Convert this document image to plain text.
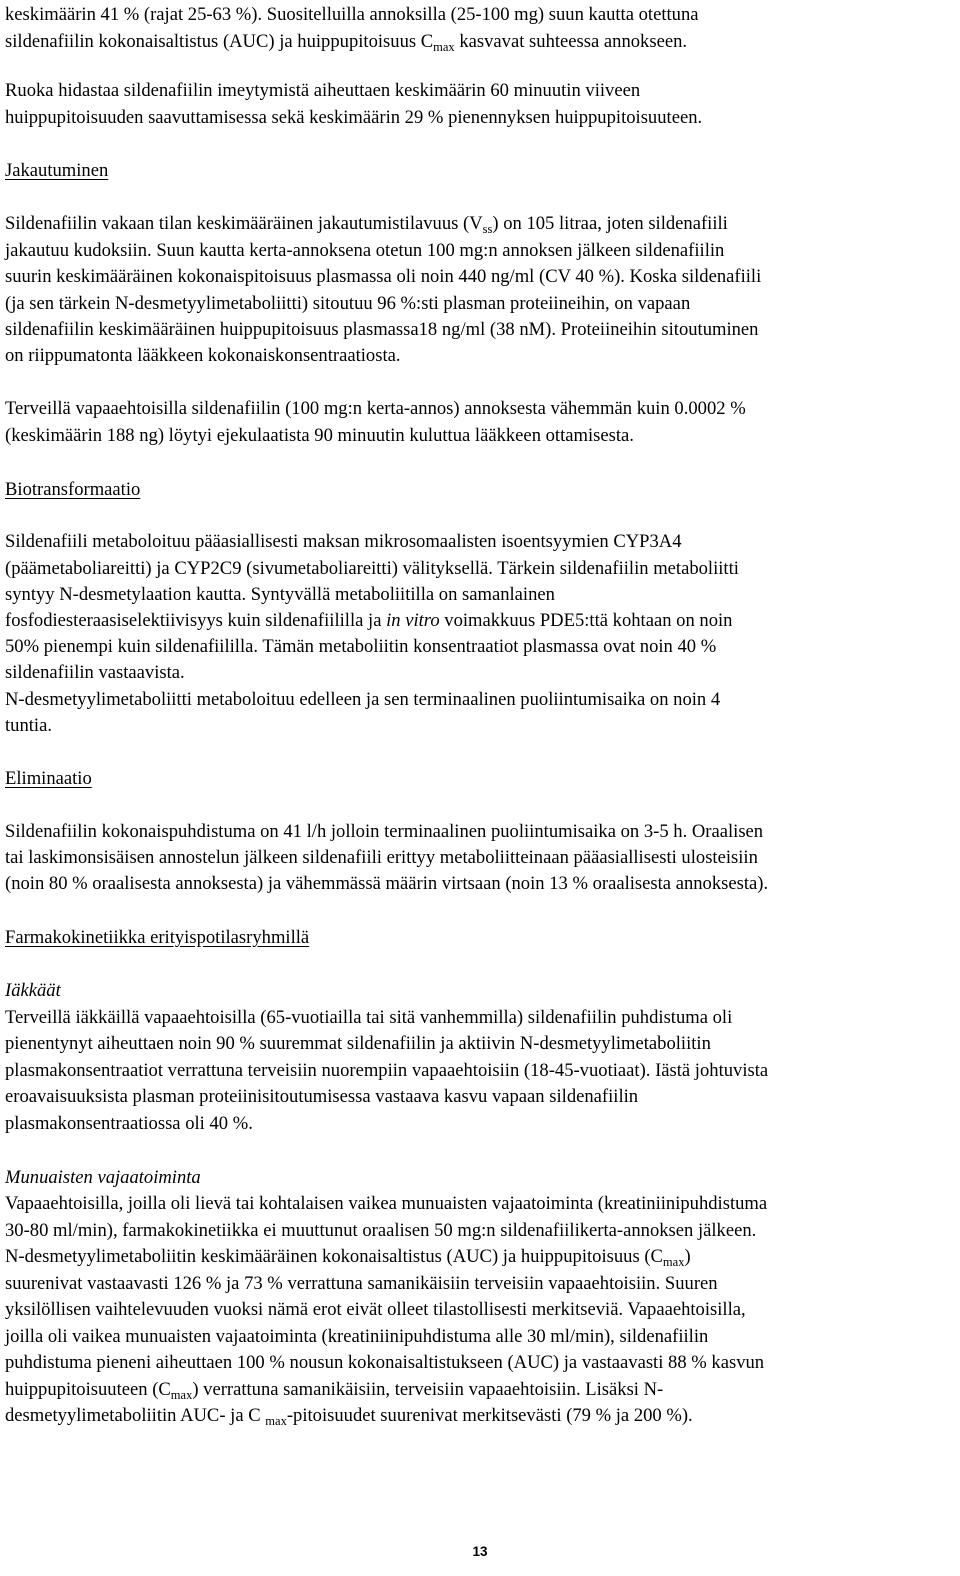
keskimäärin 41 % (rajat 25-63 %). Suositelluilla annoksilla (25-100 mg) suun kautta otettuna
sildenafiilin kokonaisaltistus (AUC) ja huippupitoisuus $C_{max}$ kasvavat suhteessa annokseen.
Ruoka hidastaa sildenafiilin imeytymistä aiheuttaen keskimäärin 60 minuutin viiveen
huippupitoisuuden saavuttamisessa sekä keskimäärin 29 % pienennyksen huippupitoisuuteen.
Jakautuminen
Sildenafiilin vakaan tilan keskimääräinen jakautumistilavuus $(V_{ss})$ on 105 litraa, joten sildenafiili
jakautuu kudoksiin. Suun kautta kerta-annoksena otetun 100 mg:n annoksen jälkeen sildenafiilin
suurin keskimääräinen kokonaispitoisuus plasmassa oli noin 440 ng/ml (CV 40 %). Koska sildenafiili
(ja sen tärkein N-desmetyylimetaboliitti) sitoutuu 96 %:sti plasman proteiineihin, on vapaan
sildenafiilin keskimääräinen huippupitoisuus plasmassa18 ng/ml (38 nM). Proteiineihin sitoutuminen
on riippumatonta lääkkeen kokonaiskonsentraatiosta.
Terveillä vapaaehtoisilla sildenafiilin (100 mg:n kerta-annos) annoksesta vähemmän kuin 0.0002 %
(keskimäärin 188 ng) löytyi ejekulaatista 90 minuutin kuluttua lääkkeen ottamisesta.
Biotransformaatio
Sildenafiili metaboloituu pääasiallisesti maksan mikrosomaalisten isoentsyymien CYP3A4
(päämetaboliareitti) ja CYP2C9 (sivumetaboliareitti) välityksellä. Tärkein sildenafiilin metaboliitti
syntyy N-desmetylaation kautta. Syntyvällä metaboliitilla on samanlainen
fosfodiesteraasiselektiivisyys kuin sildenafiililla ja in vitro voimakkuus PDE5:ttä kohtaan on noin
50% pienempi kuin sildenafiililla. Tämän metaboliitin konsentraatiot plasmassa ovat noin 40 %
sildenafiilin vastaavista.
N-desmetyylimetaboliitti metaboloituu edelleen ja sen terminaalinen puoliintumisaika on noin 4
tuntia.
Eliminaatio
Sildenafiilin kokonaispuhdistuma on 41 l/h jolloin terminaalinen puoliintumisaika on 3-5 h. Oraalisen
tai laskimonsisäisen annostelun jälkeen sildenafiili erittyy metaboliitteinaan pääasiallisesti ulosteisiin
(noin 80 % oraalisesta annoksesta) ja vähemmässä määrin virtsaan (noin 13 % oraalisesta annoksesta).
Farmakokinetiikka erityispotilasryhmillä
Iäkkäät
Terveillä iäkkäillä vapaaehtoisilla (65-vuotiailla tai sitä vanhemmilla) sildenafiilin puhdistuma oli
pienentynyt aiheuttaen noin 90 % suuremmat sildenafiilin ja aktiivin N-desmetyylimetaboliitin
plasmakonsentraatiot verrattuna terveisiin nuorempiin vapaaehtoisiin (18-45-vuotiaat). Iästä johtuvista
eroavaisuuksista plasman proteiinisitoutumisessa vastaava kasvu vapaan sildenafiilin
plasmakonsentraatiossa oli 40 %.
Munuaisten vajaatoiminta
Vapaaehtoisilla, joilla oli lievä tai kohtalaisen vaikea munuaisten vajaatoiminta (kreatiniinipuhdistuma
30-80 ml/min), farmakokinetiikka ei muuttunut oraalisen 50 mg:n sildenafiilikerta-annoksen jälkeen.
N-desmetyylimetaboliitin keskimääräinen kokonaisaltistus (AUC) ja huippupitoisuus $(C_{max})$
suurenivat vastaavasti 126 % ja 73 % verrattuna samanikäisiin terveisiin vapaaehtoisiin. Suuren
yksilöllisen vaihtelevuuden vuoksi nämä erot eivät olleet tilastollisesti merkitseviä. Vapaaehtoisilla,
joilla oli vaikea munuaisten vajaatoiminta (kreatiniinipuhdistuma alle 30 ml/min), sildenafiilin
puhdistuma pieneni aiheuttaen 100 % nousun kokonaisaltistukseen (AUC) ja vastaavasti 88 % kasvun
huippupitoisuuteen $(C_{max})$ verrattuna samanikäisiin, terveisiin vapaaehtoisiin. Lisäksi N-
desmetyylimetaboliitin AUC- ja C $_{max}$-pitoisuudet suurenivat merkitsevästi (79 % ja 200 %).
13
